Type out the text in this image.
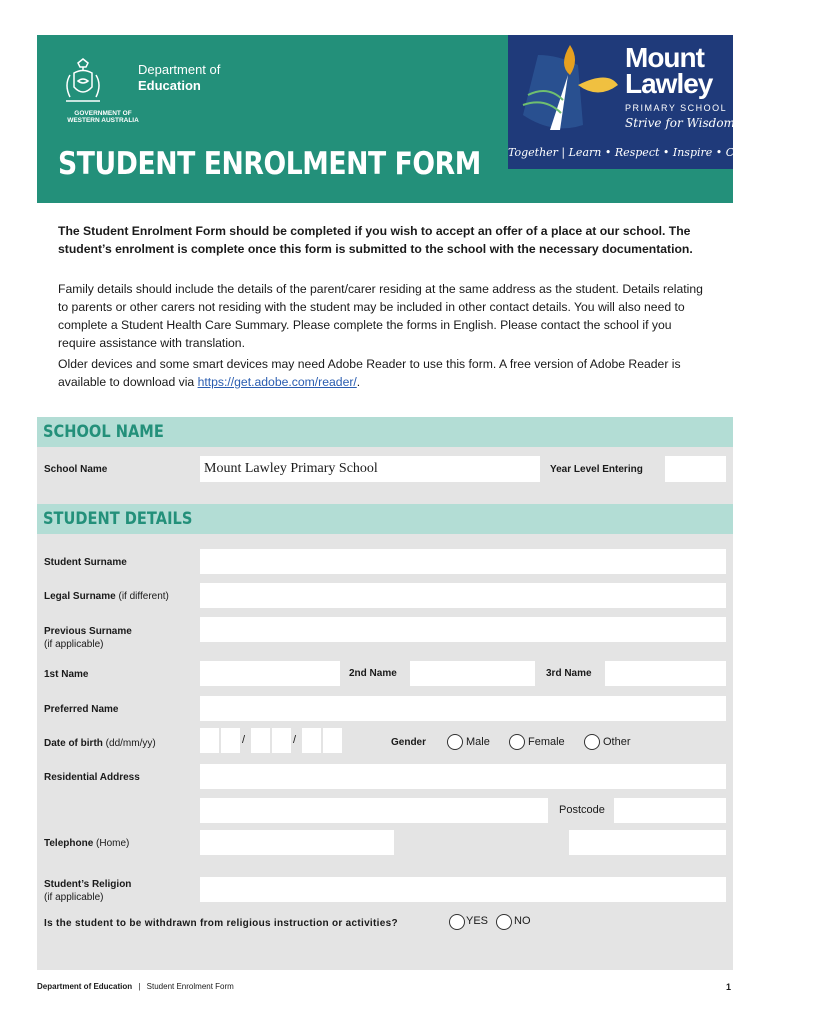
Department of
Education
GOVERNMENT OF
WESTERN AUSTRALIA
STUDENT ENROLMENT FORM
Mount
Lawley
PRIMARY SCHOOL
Strive for Wisdom
Together | Learn • Respect • Inspire • Create • Celebrate
The Student Enrolment Form should be completed if you wish to accept an offer of a place at our school. The student’s enrolment is complete once this form is submitted to the school with the necessary documentation.
Family details should include the details of the parent/carer residing at the same address as the student. Details relating to parents or other carers not residing with the student may be included in other contact details. You will also need to complete a Student Health Care Summary. Please complete the forms in English. Please contact the school if you require assistance with translation.
Older devices and some smart devices may need Adobe Reader to use this form. A free version of Adobe Reader is available to download via https://get.adobe.com/reader/.
SCHOOL NAME
School Name	Mount Lawley Primary School	Year Level Entering
STUDENT DETAILS
Student Surname
Legal Surname (if different)
Previous Surname
(if applicable)
1st Name	2nd Name	3rd Name
Preferred Name
Date of birth (dd/mm/yy)	/	/	Gender	Male	Female	Other
Residential Address
Postcode
Telephone (Home)
Student’s Religion
(if applicable)
Is the student to be withdrawn from religious instruction or activities?	YES NO
Department of Education | Student Enrolment Form	1
